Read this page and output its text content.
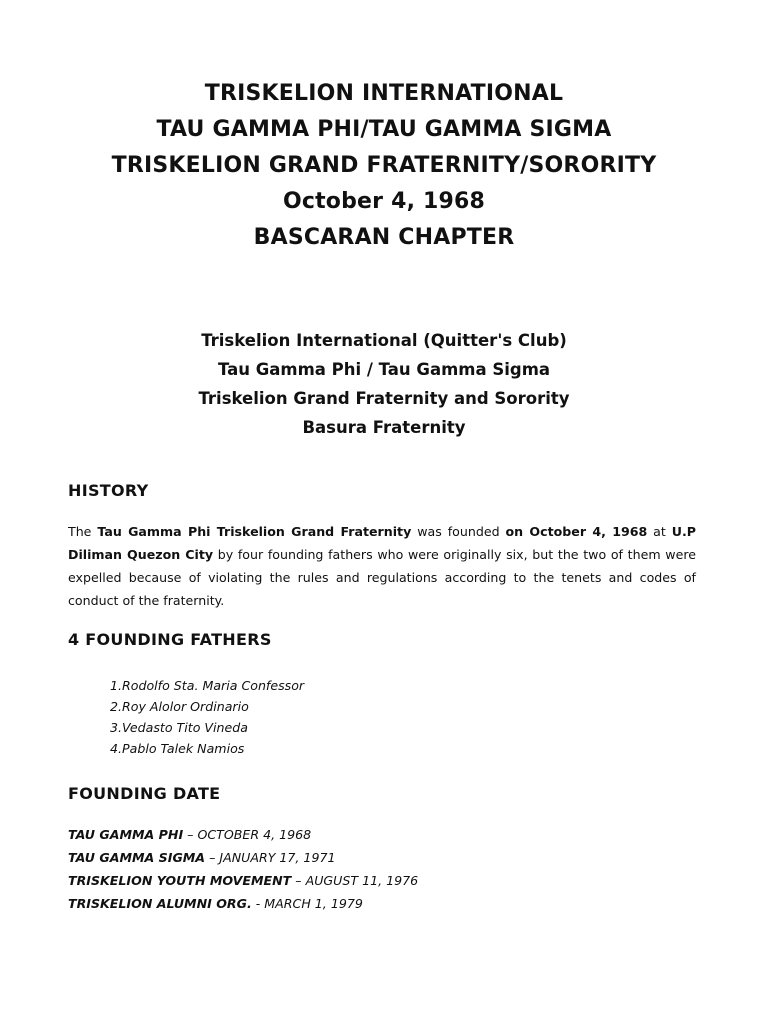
TRISKELION INTERNATIONAL
TAU GAMMA PHI/TAU GAMMA SIGMA
TRISKELION GRAND FRATERNITY/SORORITY
October 4, 1968
BASCARAN CHAPTER
Triskelion International (Quitter's Club)
Tau Gamma Phi / Tau Gamma Sigma
Triskelion Grand Fraternity and Sorority
Basura Fraternity
HISTORY
The Tau Gamma Phi Triskelion Grand Fraternity was founded on October 4, 1968 at U.P Diliman Quezon City by four founding fathers who were originally six, but the two of them were expelled because of violating the rules and regulations according to the tenets and codes of conduct of the fraternity.
4 FOUNDING FATHERS
1.Rodolfo Sta. Maria Confessor
2.Roy Alolor Ordinario
3.Vedasto Tito Vineda
4.Pablo Talek Namios
FOUNDING DATE
TAU GAMMA PHI – OCTOBER 4, 1968
TAU GAMMA SIGMA – JANUARY 17, 1971
TRISKELION YOUTH MOVEMENT – AUGUST 11, 1976
TRISKELION ALUMNI ORG. - MARCH 1, 1979
